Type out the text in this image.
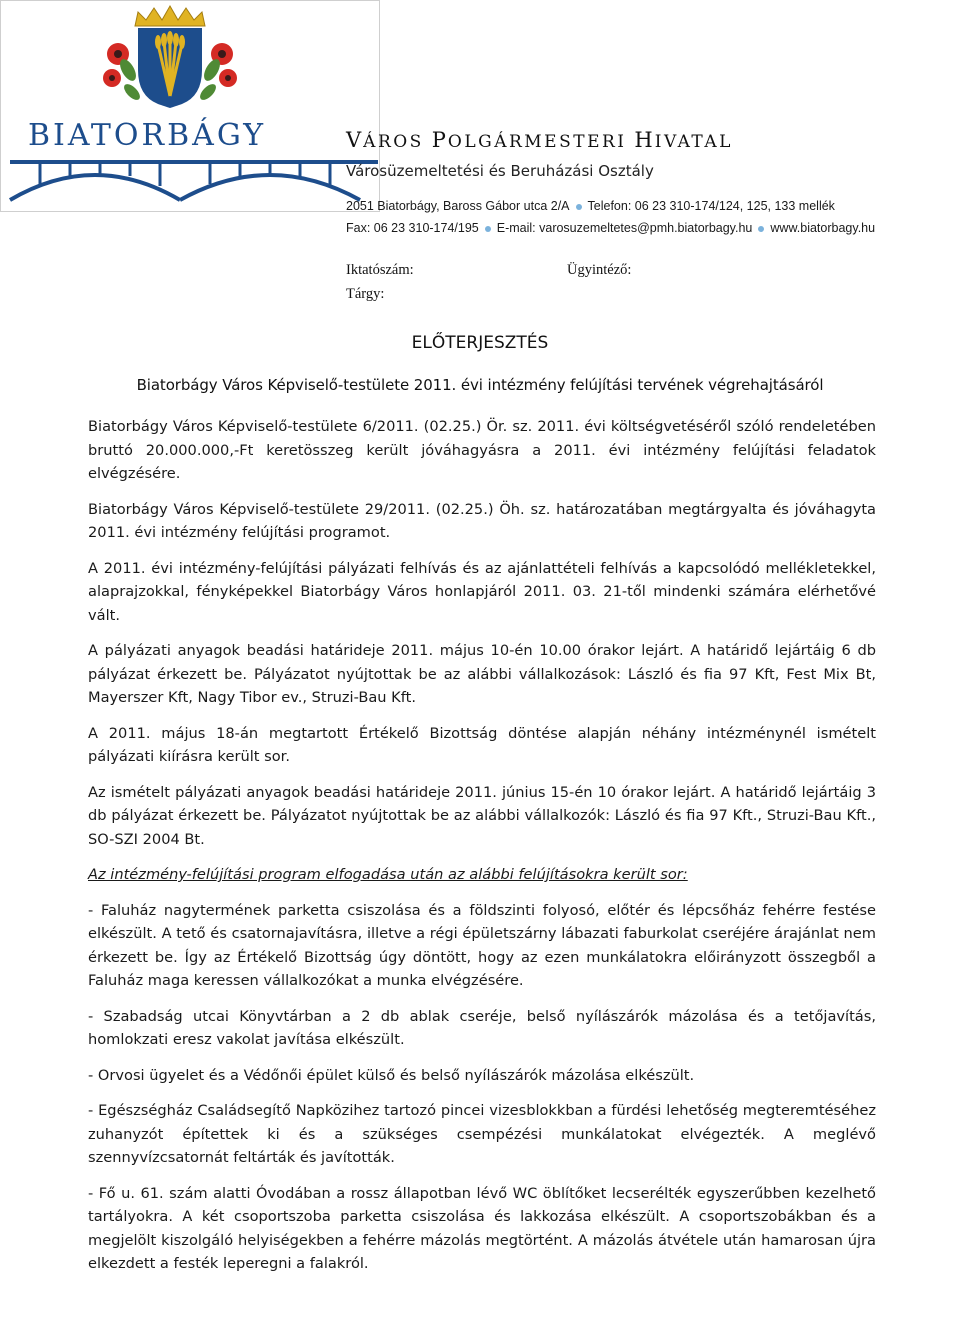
BIATORBÁGY	VÁROS POLGÁRMESTERI HIVATAL
Városüzemeltetési és Beruházási Osztály
2051 Biatorbágy, Baross Gábor utca 2/A Telefon: 06 23 310-174/124, 125, 133 mellék
Fax: 06 23 310-174/195 E-mail: varosuzemeltetes@pmh.biatorbagy.hu www.biatorbagy.hu
Iktatószám:	Ügyintéző:
Tárgy:
ELŐTERJESZTÉS
Biatorbágy Város Képviselő-testülete 2011. évi intézmény felújítási tervének végrehajtásáról

Biatorbágy Város Képviselő-testülete 6/2011. (02.25.) Ör. sz. 2011. évi költségvetéséről szóló rendeletében bruttó 20.000.000,-Ft keretösszeg került jóváhagyásra a 2011. évi intézmény felújítási feladatok elvégzésére.

Biatorbágy Város Képviselő-testülete 29/2011. (02.25.) Öh. sz. határozatában megtárgyalta és jóváhagyta 2011. évi intézmény felújítási programot.

A 2011. évi intézmény-felújítási pályázati felhívás és az ajánlattételi felhívás a kapcsolódó mellékletekkel, alaprajzokkal, fényképekkel Biatorbágy Város honlapjáról 2011. 03. 21-től mindenki számára elérhetővé vált.

A pályázati anyagok beadási határideje 2011. május 10-én 10.00 órakor lejárt. A határidő lejártáig 6 db pályázat érkezett be. Pályázatot nyújtottak be az alábbi vállalkozások: László és fia 97 Kft, Fest Mix Bt, Mayerszer Kft, Nagy Tibor ev., Struzi-Bau Kft.

A 2011. május 18-án megtartott Értékelő Bizottság döntése alapján néhány intézménynél ismételt pályázati kiírásra került sor.

Az ismételt pályázati anyagok beadási határideje 2011. június 15-én 10 órakor lejárt. A határidő lejártáig 3 db pályázat érkezett be. Pályázatot nyújtottak be az alábbi vállalkozók: László és fia 97 Kft., Struzi-Bau Kft., SO-SZI 2004 Bt.

Az intézmény-felújítási program elfogadása után az alábbi felújításokra került sor:

- Faluház nagytermének parketta csiszolása és a földszinti folyosó, előtér és lépcsőház fehérre festése elkészült. A tető és csatornajavításra, illetve a régi épületszárny lábazati faburkolat cseréjére árajánlat nem érkezett be. Így az Értékelő Bizottság úgy döntött, hogy az ezen munkálatokra előirányzott összegből a Faluház maga keressen vállalkozókat a munka elvégzésére.

- Szabadság utcai Könyvtárban a 2 db ablak cseréje, belső nyílászárók mázolása és a tetőjavítás, homlokzati eresz vakolat javítása elkészült.

- Orvosi ügyelet és a Védőnői épület külső és belső nyílászárók mázolása elkészült.

- Egészségház Családsegítő Napközihez tartozó pincei vizesblokkban a fürdési lehetőség megteremtéséhez zuhanyzót építettek ki és a szükséges csempézési munkálatokat elvégezték. A meglévő szennyvízcsatornát feltárták és javították.

- Fő u. 61. szám alatti Óvodában a rossz állapotban lévő WC öblítőket lecserélték egyszerűbben kezelhető tartályokra. A két csoportszoba parketta csiszolása és lakkozása elkészült. A csoportszobákban és a megjelölt kiszolgáló helyiségekben a fehérre mázolás megtörtént. A mázolás átvétele után hamarosan újra elkezdett a festék leperegni a falakról.
